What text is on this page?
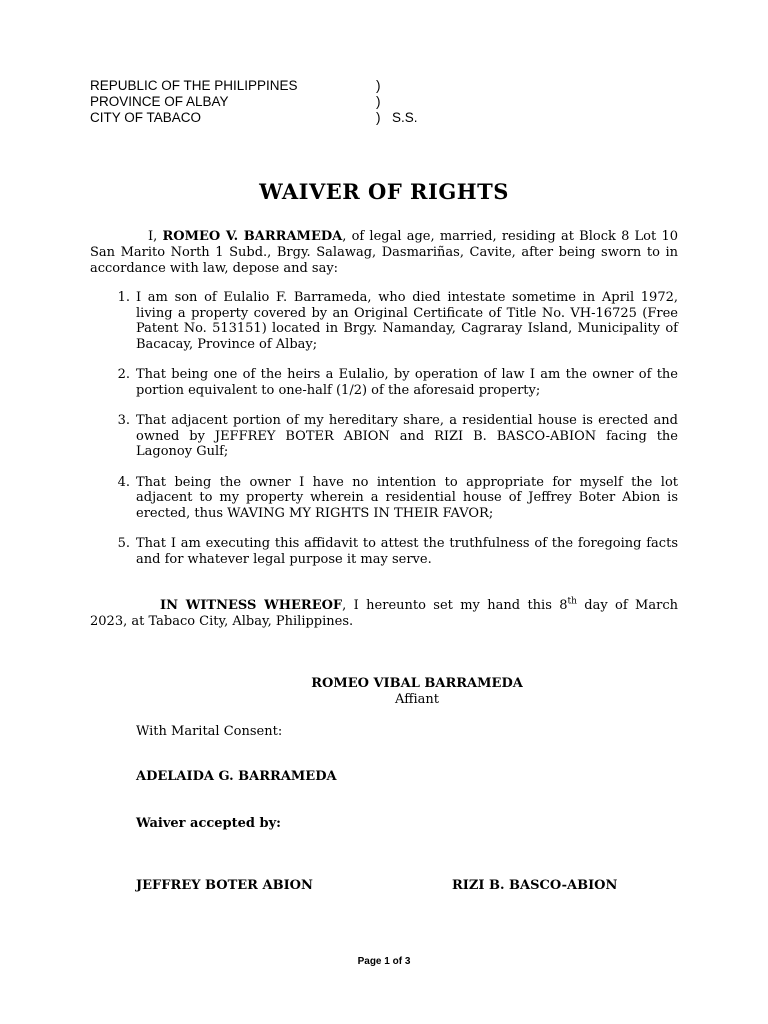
REPUBLIC OF THE PHILIPPINES	)
PROVINCE OF ALBAY	)
CITY OF TABACO	) S.S.
WAIVER OF RIGHTS
I, ROMEO V. BARRAMEDA, of legal age, married, residing at Block 8 Lot 10 San Marito North 1 Subd., Brgy. Salawag, Dasmariñas, Cavite, after being sworn to in accordance with law, depose and say:
1. I am son of Eulalio F. Barrameda, who died intestate sometime in April 1972, living a property covered by an Original Certificate of Title No. VH-16725 (Free Patent No. 513151) located in Brgy. Namanday, Cagraray Island, Municipality of Bacacay, Province of Albay;
2. That being one of the heirs a Eulalio, by operation of law I am the owner of the portion equivalent to one-half (1/2) of the aforesaid property;
3. That adjacent portion of my hereditary share, a residential house is erected and owned by JEFFREY BOTER ABION and RIZI B. BASCO-ABION facing the Lagonoy Gulf;
4. That being the owner I have no intention to appropriate for myself the lot adjacent to my property wherein a residential house of Jeffrey Boter Abion is erected, thus WAVING MY RIGHTS IN THEIR FAVOR;
5. That I am executing this affidavit to attest the truthfulness of the foregoing facts and for whatever legal purpose it may serve.
IN WITNESS WHEREOF, I hereunto set my hand this 8th day of March 2023, at Tabaco City, Albay, Philippines.
ROMEO VIBAL BARRAMEDA
Affiant
With Marital Consent:
ADELAIDA G. BARRAMEDA
Waiver accepted by:
JEFFREY BOTER ABION	RIZI B. BASCO-ABION
Page 1 of 3
